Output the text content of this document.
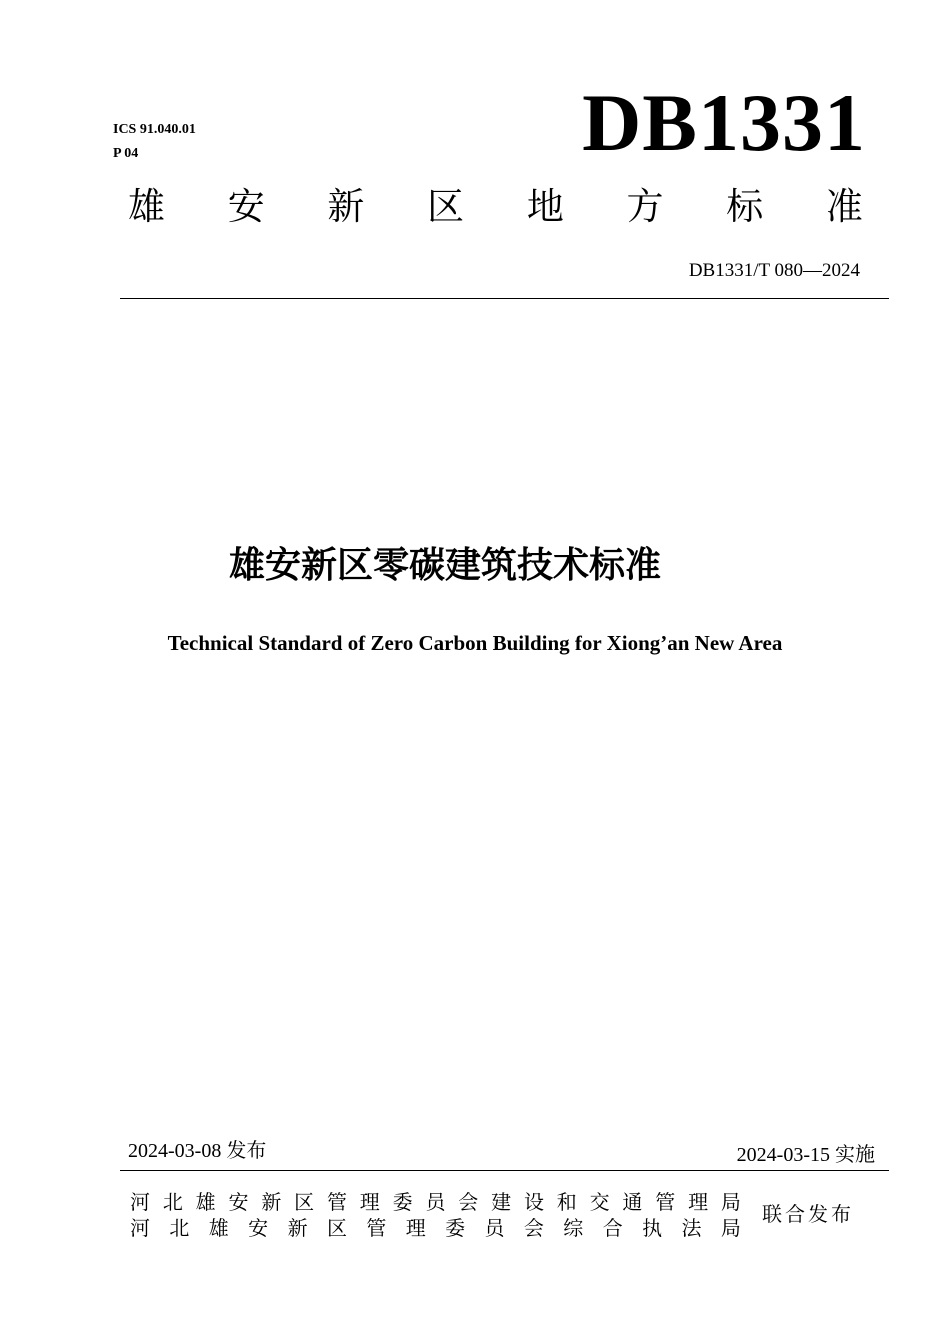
ICS 91.040.01
P 04	DB1331
雄 安 新 区 地 方 标 准
DB1331/T 080—2024
雄安新区零碳建筑技术标准
Technical Standard of Zero Carbon Building for Xiong’an New Area
2024-03-08 发布	2024-03-15 实施
河 北 雄 安 新 区 管 理 委 员 会 建 设 和 交 通 管 理 局
河 北 雄 安 新 区 管 理 委 员 会 综 合 执 法 局
联合发布
